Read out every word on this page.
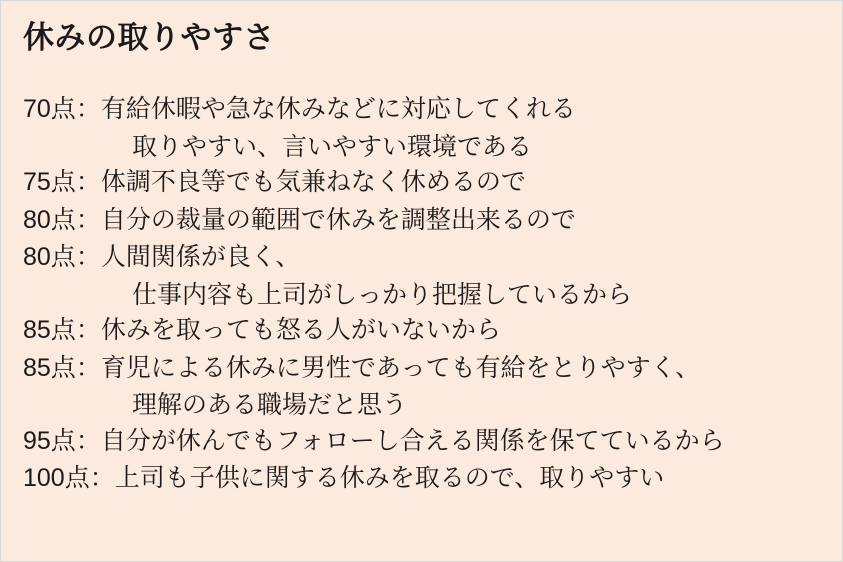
休みの取りやすさ
70点 ： 有給休暇や急な休みなどに対応してくれる
取りやすい、言いやすい環境である
75点 ： 体調不良等でも気兼ねなく休めるので
80点 ： 自分の裁量の範囲で休みを調整出来るので
80点 ： 人間関係が良く、
仕事内容も上司がしっかり把握しているから
85点 ： 休みを取っても怒る人がいないから
85点 ： 育児による休みに男性であっても有給をとりやすく、
理解のある職場だと思う
95点 ： 自分が休んでもフォローし合える関係を保てているから
100点 ： 上司も子供に関する休みを取るので、取りやすい
